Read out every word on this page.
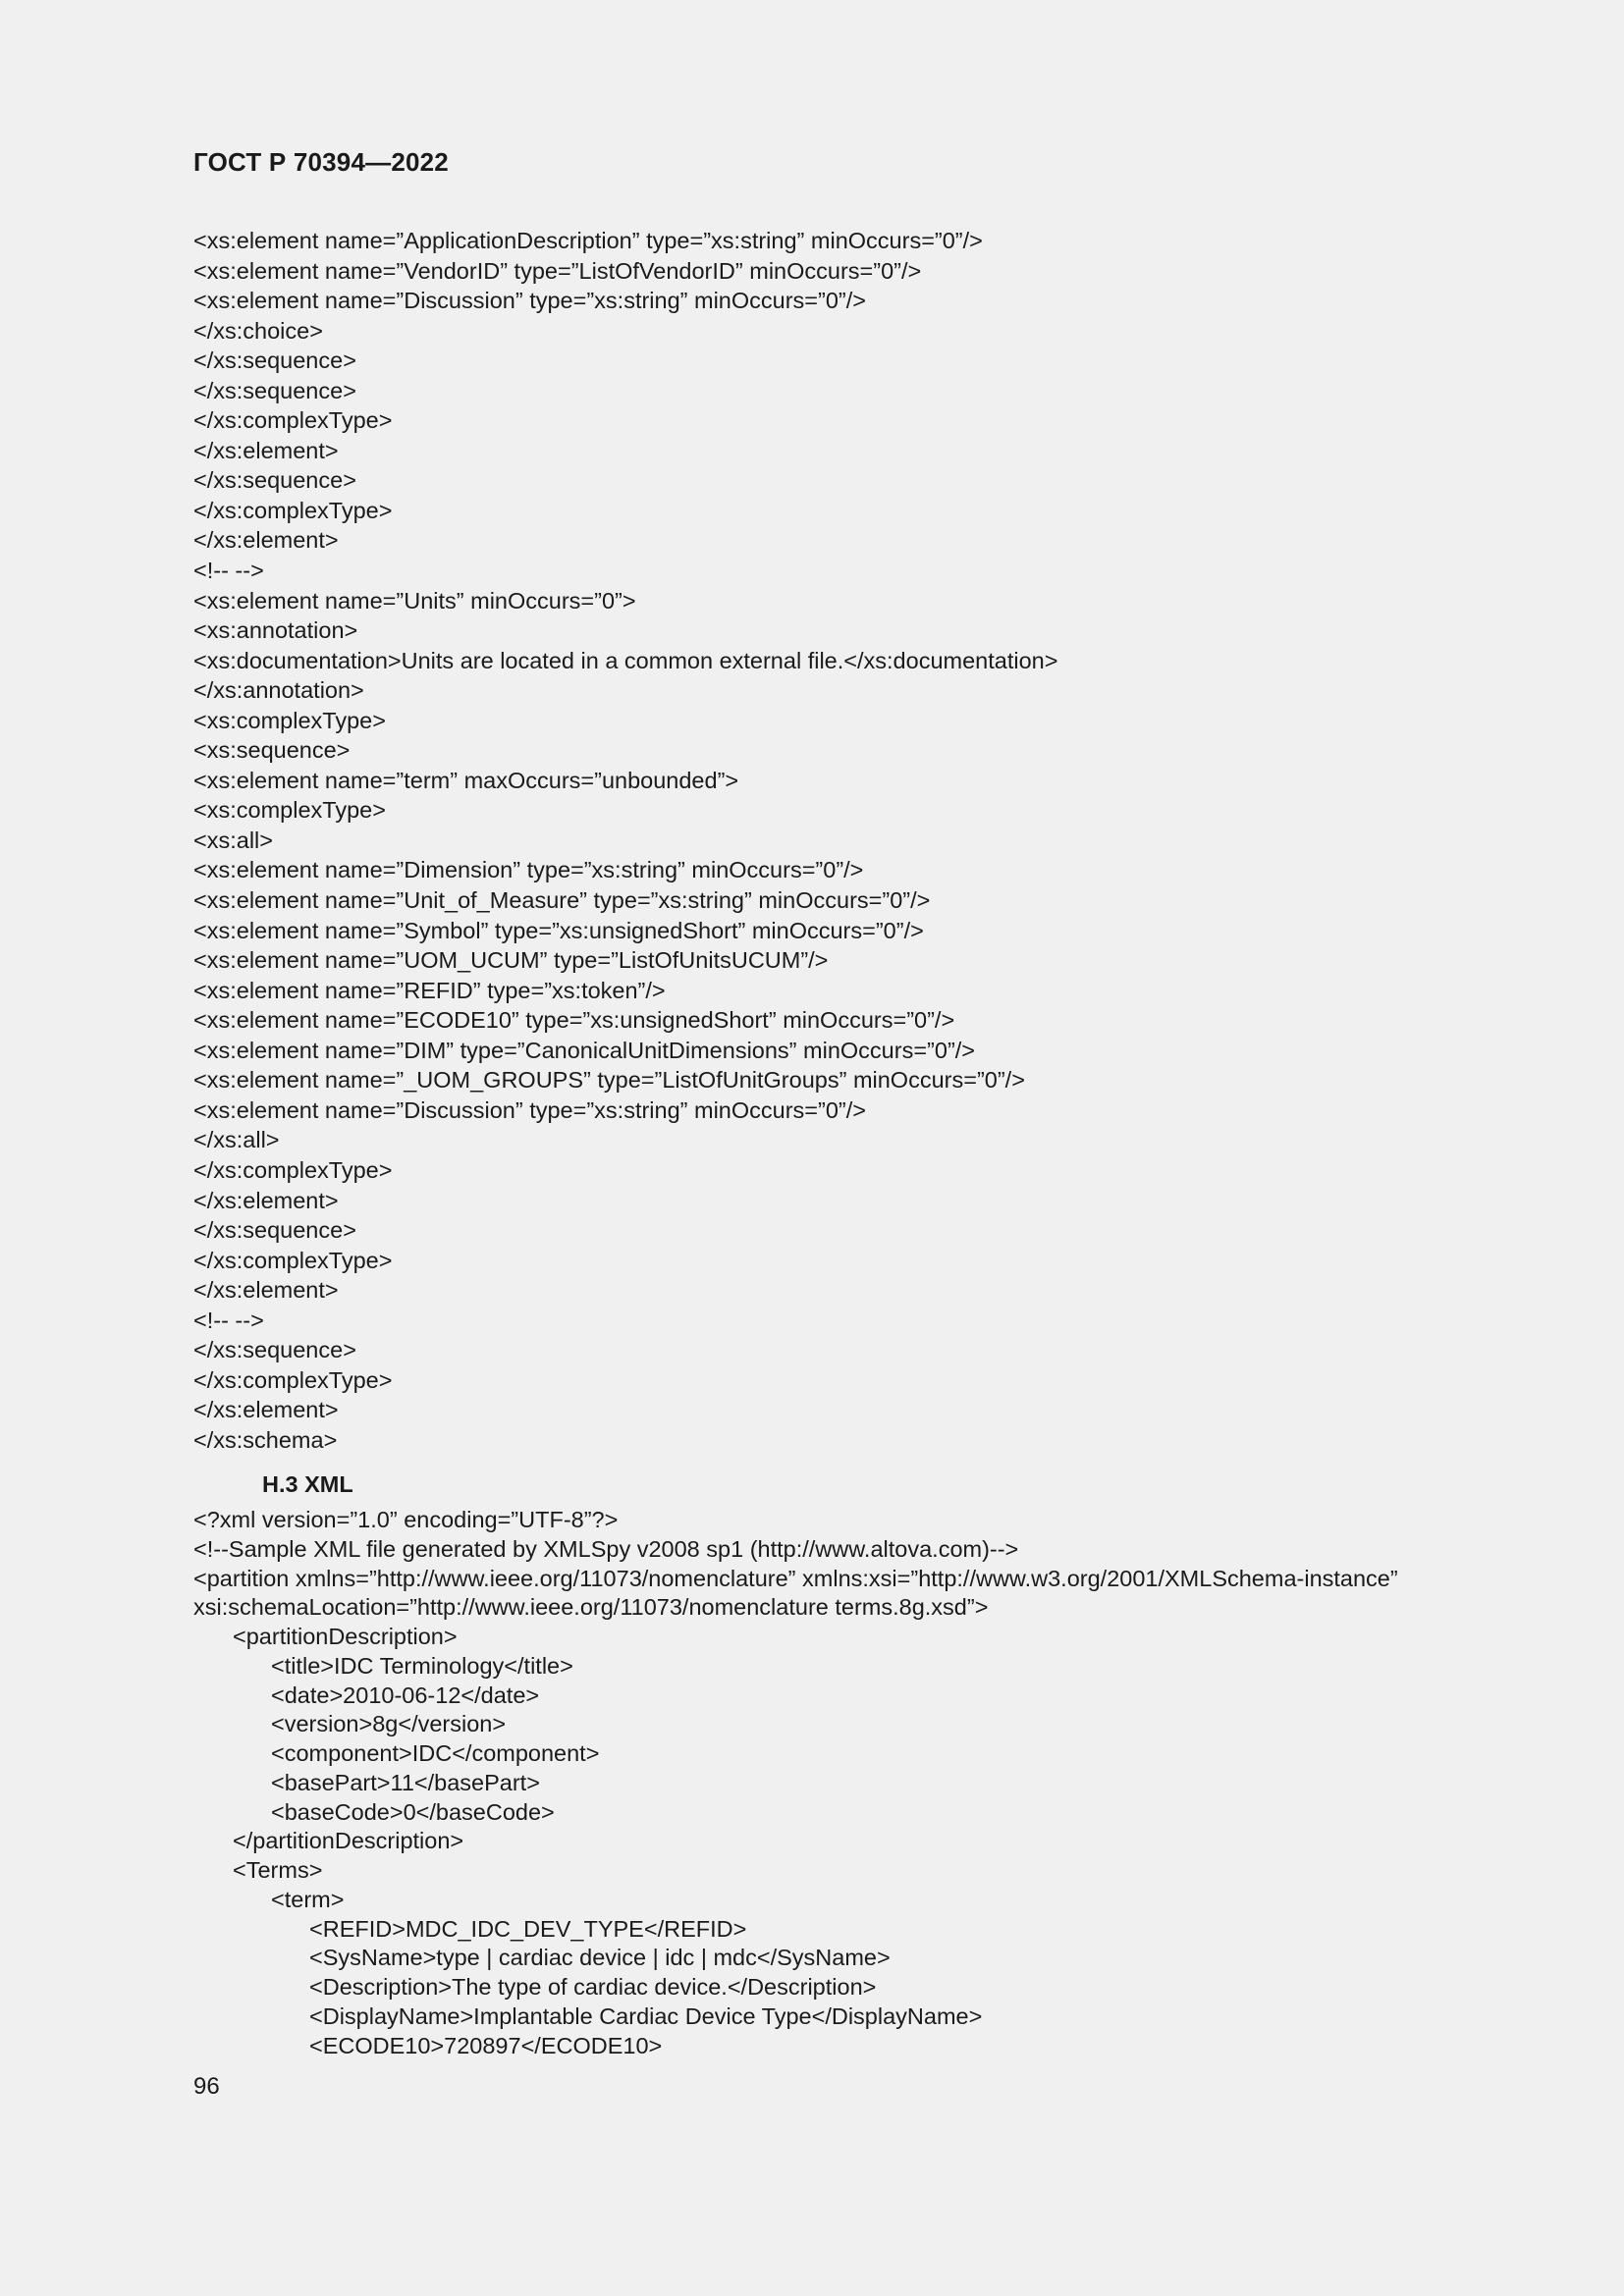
ГОСТ Р 70394—2022
<xs:element name=”ApplicationDescription” type=”xs:string” minOccurs=”0”/>
<xs:element name=”VendorID” type=”ListOfVendorID” minOccurs=”0”/>
<xs:element name=”Discussion” type=”xs:string” minOccurs=”0”/>
</xs:choice>
</xs:sequence>
</xs:sequence>
</xs:complexType>
</xs:element>
</xs:sequence>
</xs:complexType>
</xs:element>
<!-- -->
<xs:element name=”Units” minOccurs=”0”>
<xs:annotation>
<xs:documentation>Units are located in a common external file.</xs:documentation>
</xs:annotation>
<xs:complexType>
<xs:sequence>
<xs:element name=”term” maxOccurs=”unbounded”>
<xs:complexType>
<xs:all>
<xs:element name=”Dimension” type=”xs:string” minOccurs=”0”/>
<xs:element name=”Unit_of_Measure” type=”xs:string” minOccurs=”0”/>
<xs:element name=”Symbol” type=”xs:unsignedShort” minOccurs=”0”/>
<xs:element name=”UOM_UCUM” type=”ListOfUnitsUCUM”/>
<xs:element name=”REFID” type=”xs:token”/>
<xs:element name=”ECODE10” type=”xs:unsignedShort” minOccurs=”0”/>
<xs:element name=”DIM” type=”CanonicalUnitDimensions” minOccurs=”0”/>
<xs:element name=”_UOM_GROUPS” type=”ListOfUnitGroups” minOccurs=”0”/>
<xs:element name=”Discussion” type=”xs:string” minOccurs=”0”/>
</xs:all>
</xs:complexType>
</xs:element>
</xs:sequence>
</xs:complexType>
</xs:element>
<!-- -->
</xs:sequence>
</xs:complexType>
</xs:element>
</xs:schema>
Н.3 XML
<?xml version=”1.0” encoding=”UTF-8”?>
<!--Sample XML file generated by XMLSpy v2008 sp1 (http://www.altova.com)-->
<partition xmlns=”http://www.ieee.org/11073/nomenclature” xmlns:xsi=”http://www.w3.org/2001/XMLSchema-instance”
xsi:schemaLocation=”http://www.ieee.org/11073/nomenclature terms.8g.xsd”>
<partitionDescription>
<title>IDC Terminology</title>
<date>2010-06-12</date>
<version>8g</version>
<component>IDC</component>
<basePart>11</basePart>
<baseCode>0</baseCode>
</partitionDescription>
<Terms>
<term>
<REFID>MDC_IDC_DEV_TYPE</REFID>
<SysName>type | cardiac device | idc | mdc</SysName>
<Description>The type of cardiac device.</Description>
<DisplayName>Implantable Cardiac Device Type</DisplayName>
<ECODE10>720897</ECODE10>
96
